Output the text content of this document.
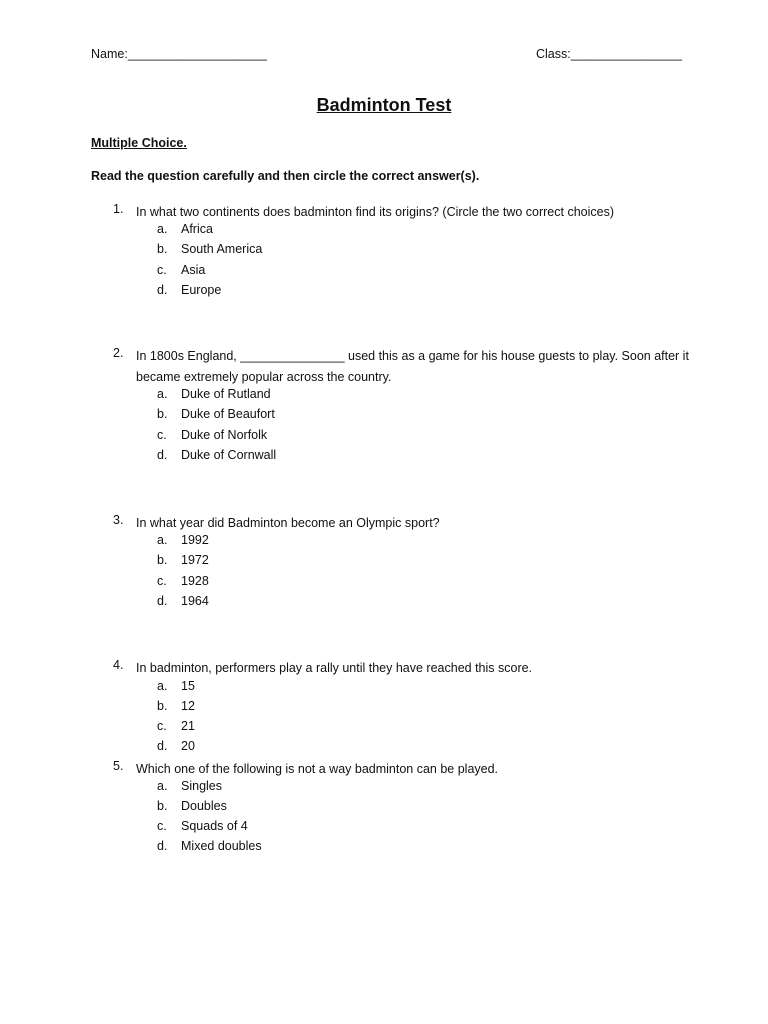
Name:____________________	Class:________________
Badminton Test
Multiple Choice.
Read the question carefully and then circle the correct answer(s).
1. In what two continents does badminton find its origins? (Circle the two correct choices)
a. Africa
b. South America
c. Asia
d. Europe
2. In 1800s England, _______________ used this as a game for his house guests to play. Soon after it became extremely popular across the country.
a. Duke of Rutland
b. Duke of Beaufort
c. Duke of Norfolk
d. Duke of Cornwall
3. In what year did Badminton become an Olympic sport?
a. 1992
b. 1972
c. 1928
d. 1964
4. In badminton, performers play a rally until they have reached this score.
a. 15
b. 12
c. 21
d. 20
5. Which one of the following is not a way badminton can be played.
a. Singles
b. Doubles
c. Squads of 4
d. Mixed doubles
